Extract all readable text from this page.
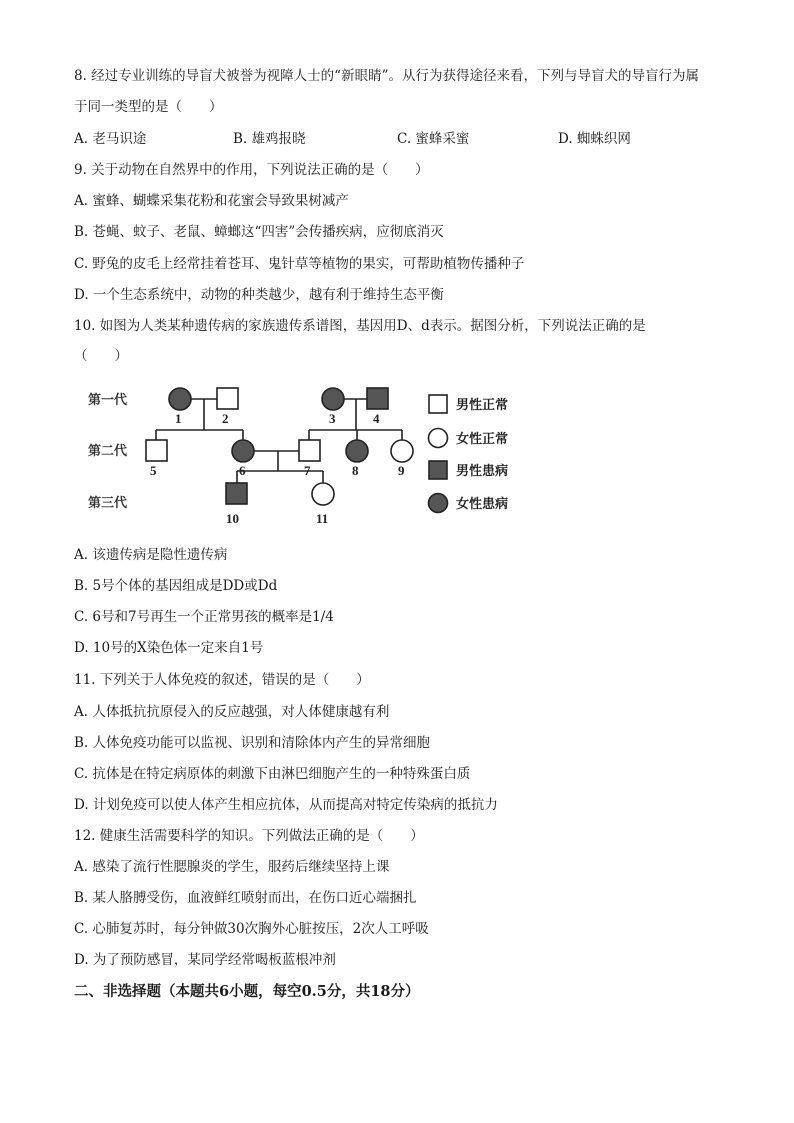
8. 经过专业训练的导盲犬被誉为视障人士的“新眼睛”。从行为获得途径来看，下列与导盲犬的导盲行为属
于同一类型的是（　　）
A. 老马识途	B. 雄鸡报晓	C. 蜜蜂采蜜	D. 蜘蛛织网
9. 关于动物在自然界中的作用，下列说法正确的是（　　）
A. 蜜蜂、蝴蝶采集花粉和花蜜会导致果树减产
B. 苍蝇、蚊子、老鼠、蟑螂这“四害”会传播疾病，应彻底消灭
C. 野兔的皮毛上经常挂着苍耳、鬼针草等植物的果实，可帮助植物传播种子
D. 一个生态系统中，动物的种类越少，越有利于维持生态平衡
10. 如图为人类某种遗传病的家族遗传系谱图，基因用D、d表示。据图分析，下列说法正确的是
（　　）
第一代
第二代
第三代
1	2	3	4
5	6	7	8	9
10	11
男性正常
女性正常
男性患病
女性患病
A. 该遗传病是隐性遗传病
B. 5号个体的基因组成是DD或Dd
C. 6号和7号再生一个正常男孩的概率是1/4
D. 10号的X染色体一定来自1号
11. 下列关于人体免疫的叙述，错误的是（　　）
A. 人体抵抗抗原侵入的反应越强，对人体健康越有利
B. 人体免疫功能可以监视、识别和清除体内产生的异常细胞
C. 抗体是在特定病原体的刺激下由淋巴细胞产生的一种特殊蛋白质
D. 计划免疫可以使人体产生相应抗体，从而提高对特定传染病的抵抗力
12. 健康生活需要科学的知识。下列做法正确的是（　　）
A. 感染了流行性腮腺炎的学生，服药后继续坚持上课
B. 某人胳膊受伤，血液鲜红喷射而出，在伤口近心端捆扎
C. 心肺复苏时，每分钟做30次胸外心脏按压，2次人工呼吸
D. 为了预防感冒，某同学经常喝板蓝根冲剂
二、非选择题（本题共6小题，每空0.5分，共18分）
